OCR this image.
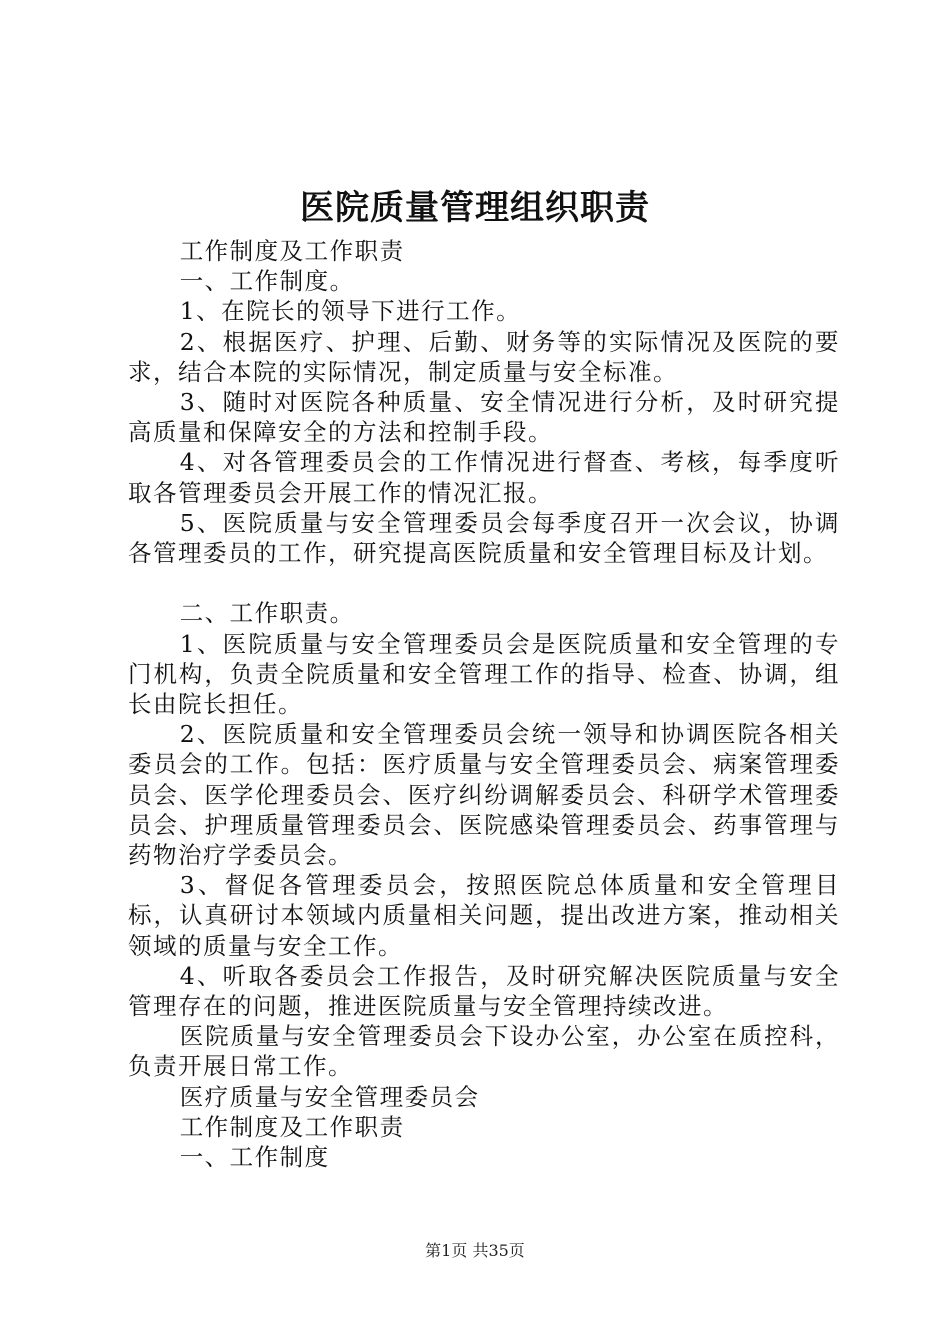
医院质量管理组织职责

工作制度及工作职责

一、工作制度。

1、在院长的领导下进行工作。

2、根据医疗、护理、后勤、财务等的实际情况及医院的要求，结合本院的实际情况，制定质量与安全标准。

3、随时对医院各种质量、安全情况进行分析，及时研究提高质量和保障安全的方法和控制手段。

4、对各管理委员会的工作情况进行督查、考核，每季度听取各管理委员会开展工作的情况汇报。

5、医院质量与安全管理委员会每季度召开一次会议，协调各管理委员的工作，研究提高医院质量和安全管理目标及计划。

二、工作职责。

1、医院质量与安全管理委员会是医院质量和安全管理的专门机构，负责全院质量和安全管理工作的指导、检查、协调，组长由院长担任。

2、医院质量和安全管理委员会统一领导和协调医院各相关委员会的工作。包括：医疗质量与安全管理委员会、病案管理委员会、医学伦理委员会、医疗纠纷调解委员会、科研学术管理委员会、护理质量管理委员会、医院感染管理委员会、药事管理与药物治疗学委员会。

3、督促各管理委员会，按照医院总体质量和安全管理目标，认真研讨本领域内质量相关问题，提出改进方案，推动相关领域的质量与安全工作。

4、听取各委员会工作报告，及时研究解决医院质量与安全管理存在的问题，推进医院质量与安全管理持续改进。

医院质量与安全管理委员会下设办公室，办公室在质控科，负责开展日常工作。

医疗质量与安全管理委员会

工作制度及工作职责

一、工作制度

第1页 共35页
